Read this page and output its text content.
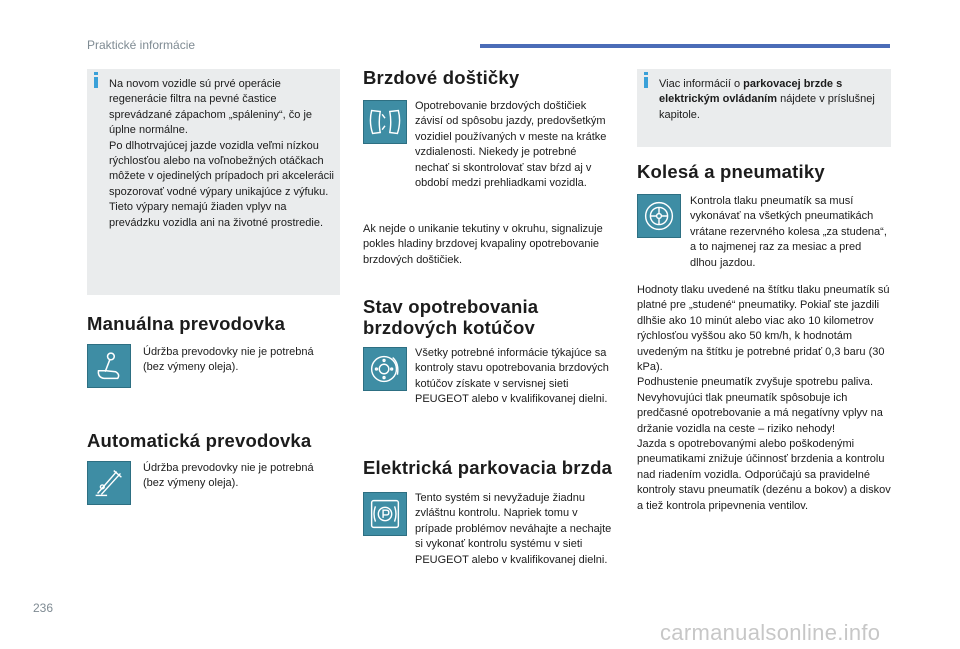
Praktické informácie
Na novom vozidle sú prvé operácie regenerácie filtra na pevné častice sprevádzané zápachom „spáleniny“, čo je úplne normálne.
Po dlhotrvajúcej jazde vozidla veľmi nízkou rýchlosťou alebo na voľnobežných otáčkach môžete v ojedinelých prípadoch pri akcelerácii spozorovať vodné výpary unikajúce z výfuku. Tieto výpary nemajú žiaden vplyv na prevádzku vozidla ani na životné prostredie.
Manuálna prevodovka

Údržba prevodovky nie je potrebná (bez výmeny oleja).

Automatická prevodovka

Údržba prevodovky nie je potrebná (bez výmeny oleja).

Brzdové doštičky

Opotrebovanie brzdových doštičiek závisí od spôsobu jazdy, predovšetkým vozidiel používaných v meste na krátke vzdialenosti. Niekedy je potrebné nechať si skontrolovať stav bŕzd aj v období medzi prehliadkami vozidla.

Ak nejde o unikanie tekutiny v okruhu, signalizuje pokles hladiny brzdovej kvapaliny opotrebovanie brzdových doštičiek.

Stav opotrebovania brzdových kotúčov

Všetky potrebné informácie týkajúce sa kontroly stavu opotrebovania brzdových kotúčov získate v servisnej sieti PEUGEOT alebo v kvalifikovanej dielni.

Elektrická parkovacia brzda

Tento systém si nevyžaduje žiadnu zvláštnu kontrolu. Napriek tomu v prípade problémov neváhajte a nechajte si vykonať kontrolu systému v sieti PEUGEOT alebo v kvalifikovanej dielni.

Viac informácií o parkovacej brzde s elektrickým ovládaním nájdete v príslušnej kapitole.
Kolesá a pneumatiky

Kontrola tlaku pneumatík sa musí vykonávať na všetkých pneumatikách vrátane rezervného kolesa „za studena“, a to najmenej raz za mesiac a pred dlhou jazdou.

Hodnoty tlaku uvedené na štítku tlaku pneumatík sú platné pre „studené“ pneumatiky. Pokiaľ ste jazdili dlhšie ako 10 minút alebo viac ako 10 kilometrov rýchlosťou vyššou ako 50 km/h, k hodnotám uvedeným na štítku je potrebné pridať 0,3 baru (30 kPa).
Podhustenie pneumatík zvyšuje spotrebu paliva. Nevyhovujúci tlak pneumatík spôsobuje ich predčasné opotrebovanie a má negatívny vplyv na držanie vozidla na ceste – riziko nehody!
Jazda s opotrebovanými alebo poškodenými pneumatikami znižuje účinnosť brzdenia a kontrolu nad riadením vozidla. Odporúčajú sa pravidelné kontroly stavu pneumatík (dezénu a bokov) a diskov a tiež kontrola pripevnenia ventilov.

236
carmanualsonline.info
